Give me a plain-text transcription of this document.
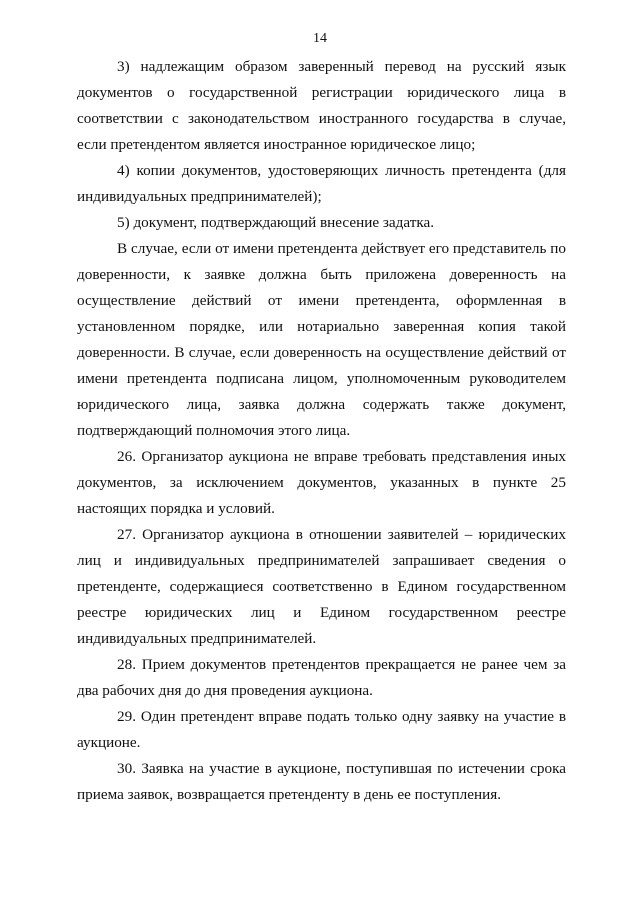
14

3) надлежащим образом заверенный перевод на русский язык документов о государственной регистрации юридического лица в соответствии с законодательством иностранного государства в случае, если претендентом является иностранное юридическое лицо;

4) копии документов, удостоверяющих личность претендента (для индивидуальных предпринимателей);

5) документ, подтверждающий внесение задатка.

В случае, если от имени претендента действует его представитель по доверенности, к заявке должна быть приложена доверенность на осуществление действий от имени претендента, оформленная в установленном порядке, или нотариально заверенная копия такой доверенности. В случае, если доверенность на осуществление действий от имени претендента подписана лицом, уполномоченным руководителем юридического лица, заявка должна содержать также документ, подтверждающий полномочия этого лица.

26. Организатор аукциона не вправе требовать представления иных документов, за исключением документов, указанных в пункте 25 настоящих порядка и условий.

27. Организатор аукциона в отношении заявителей – юридических лиц и индивидуальных предпринимателей запрашивает сведения о претенденте, содержащиеся соответственно в Едином государственном реестре юридических лиц и Едином государственном реестре индивидуальных предпринимателей.

28. Прием документов претендентов прекращается не ранее чем за два рабочих дня до дня проведения аукциона.

29. Один претендент вправе подать только одну заявку на участие в аукционе.

30. Заявка на участие в аукционе, поступившая по истечении срока приема заявок, возвращается претенденту в день ее поступления.
